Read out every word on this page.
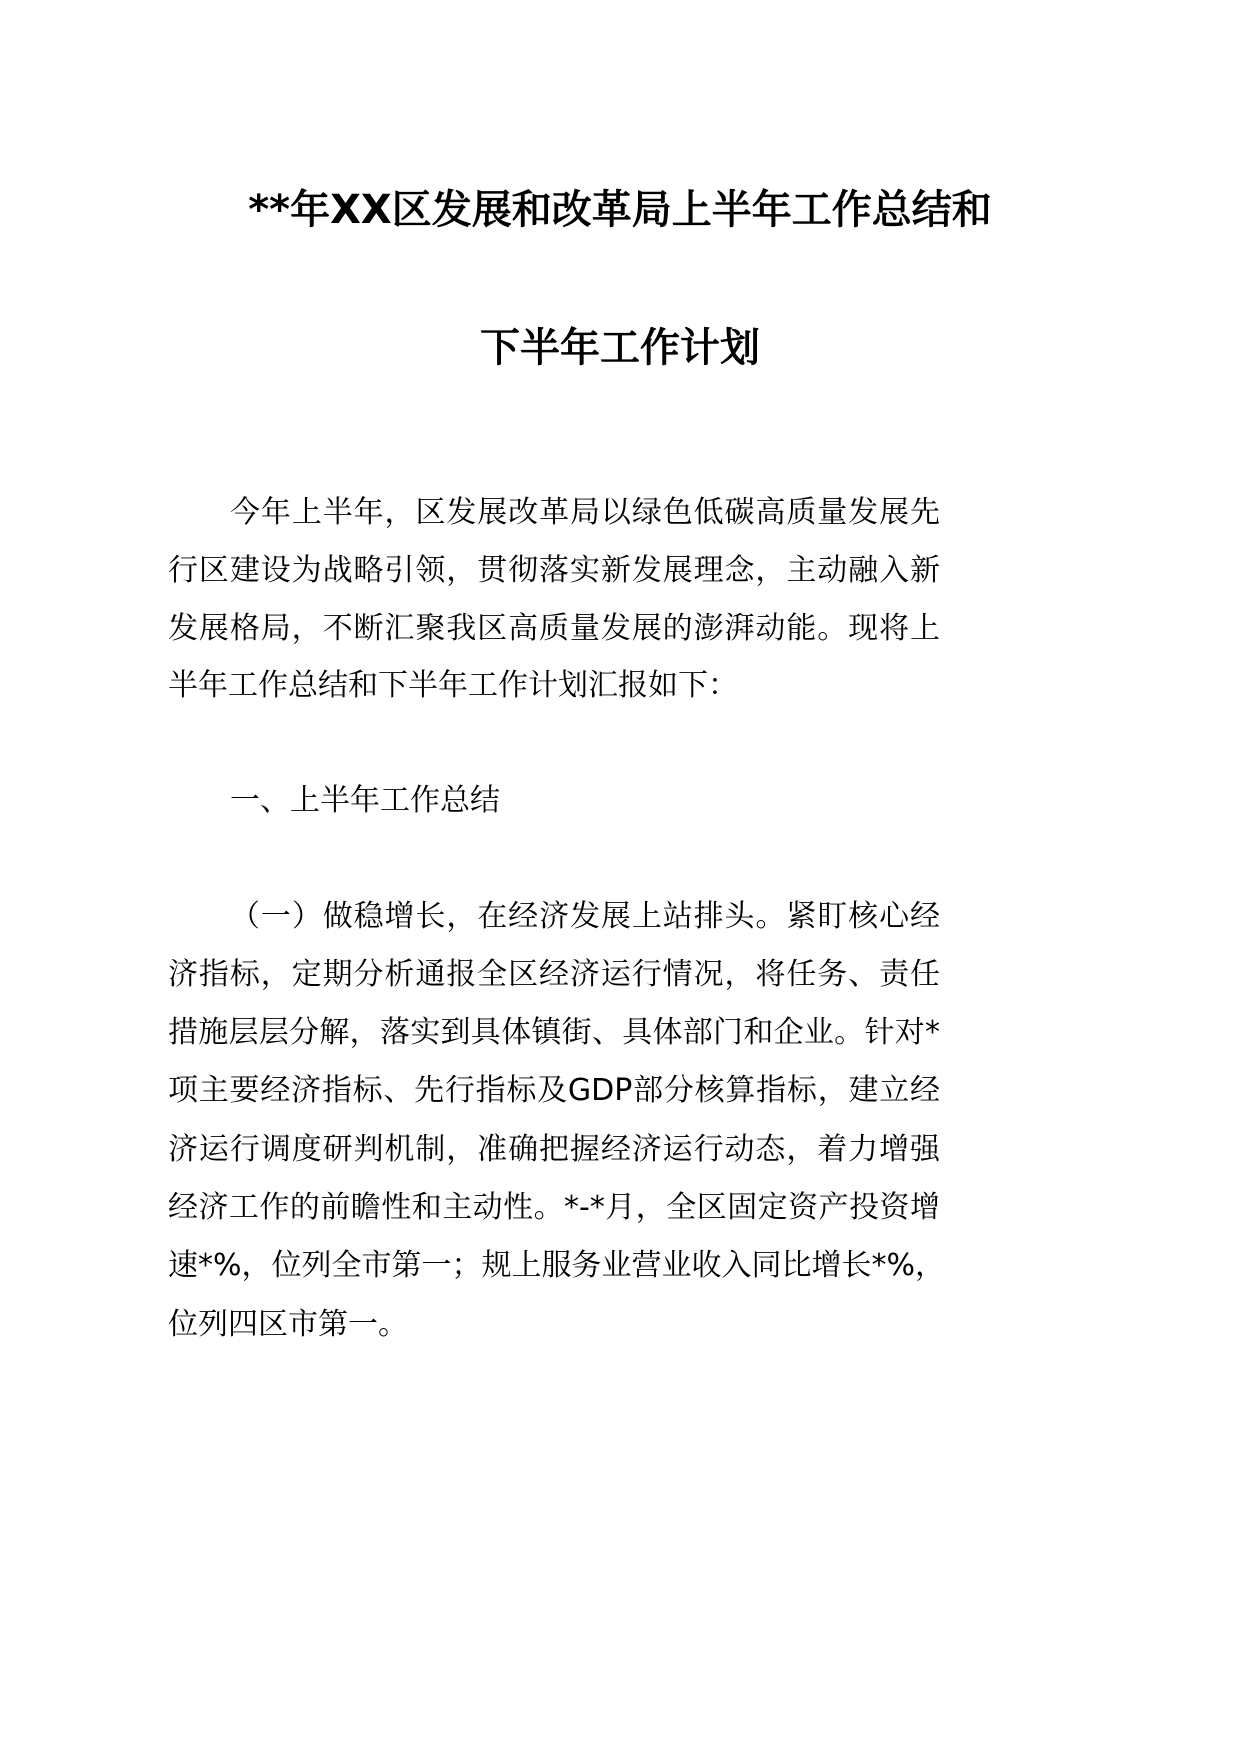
**年XX区发展和改革局上半年工作总结和
下半年工作计划
今年上半年，区发展改革局以绿色低碳高质量发展先
行区建设为战略引领，贯彻落实新发展理念，主动融入新
发展格局，不断汇聚我区高质量发展的澎湃动能。现将上
半年工作总结和下半年工作计划汇报如下：
一、上半年工作总结
（一）做稳增长，在经济发展上站排头。紧盯核心经
济指标，定期分析通报全区经济运行情况，将任务、责任
措施层层分解，落实到具体镇街、具体部门和企业。针对*
项主要经济指标、先行指标及GDP部分核算指标，建立经
济运行调度研判机制，准确把握经济运行动态，着力增强
经济工作的前瞻性和主动性。*-*月，全区固定资产投资增
速*%，位列全市第一；规上服务业营业收入同比增长*%，
位列四区市第一。
